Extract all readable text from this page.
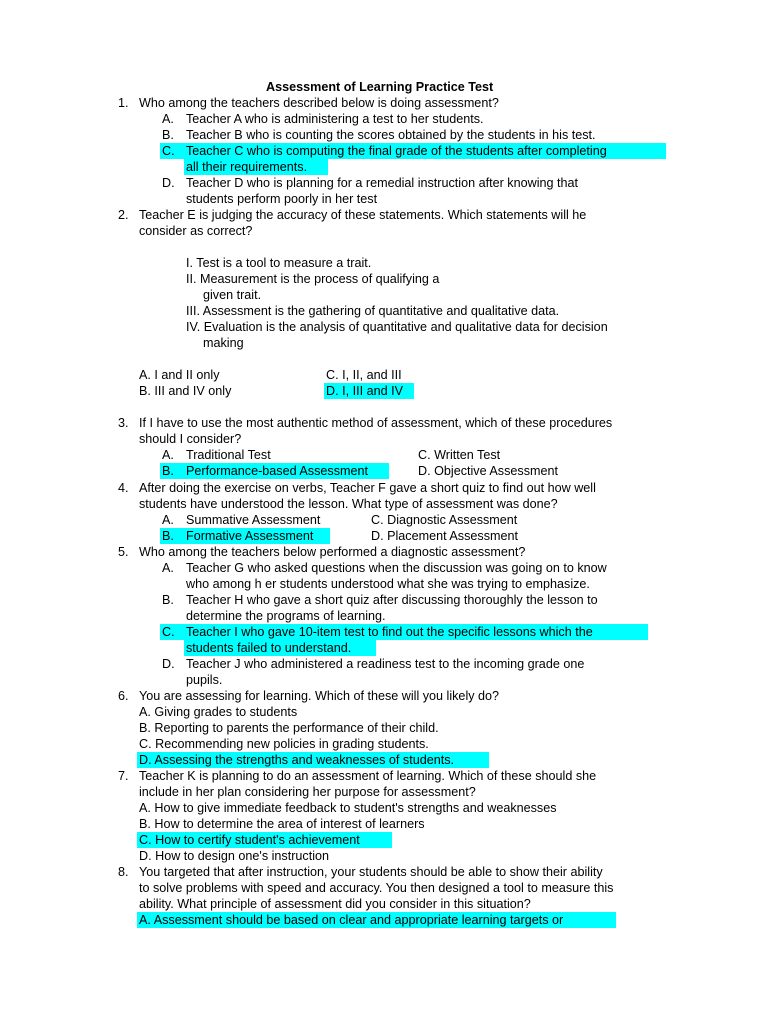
Assessment of Learning Practice Test
1. Who among the teachers described below is doing assessment?
A. Teacher A who is administering a test to her students.
B. Teacher B who is counting the scores obtained by the students in his test.
C. Teacher C who is computing the final grade of the students after completing
all their requirements.
D. Teacher D who is planning for a remedial instruction after knowing that
students perform poorly in her test
2. Teacher E is judging the accuracy of these statements. Which statements will he
consider as correct?
I. Test is a tool to measure a trait.
II. Measurement is the process of qualifying a
given trait.
III. Assessment is the gathering of quantitative and qualitative data.
IV. Evaluation is the analysis of quantitative and qualitative data for decision
making
A. I and II only
B. III and IV only
C. I, II, and III
D. I, III and IV
3. If I have to use the most authentic method of assessment, which of these procedures
should I consider?
A. Traditional Test
B. Performance-based Assessment
C. Written Test
D. Objective Assessment
4. After doing the exercise on verbs, Teacher F gave a short quiz to find out how well
students have understood the lesson. What type of assessment was done?
A. Summative Assessment
B. Formative Assessment
C. Diagnostic Assessment
D. Placement Assessment
5. Who among the teachers below performed a diagnostic assessment?
A. Teacher G who asked questions when the discussion was going on to know
who among h er students understood what she was trying to emphasize.
B. Teacher H who gave a short quiz after discussing thoroughly the lesson to
determine the programs of learning.
C. Teacher I who gave 10-item test to find out the specific lessons which the
students failed to understand.
D. Teacher J who administered a readiness test to the incoming grade one
pupils.
6. You are assessing for learning. Which of these will you likely do?
A. Giving grades to students
B. Reporting to parents the performance of their child.
C. Recommending new policies in grading students.
D. Assessing the strengths and weaknesses of students.
7. Teacher K is planning to do an assessment of learning. Which of these should she
include in her plan considering her purpose for assessment?
A. How to give immediate feedback to student's strengths and weaknesses
B. How to determine the area of interest of learners
C. How to certify student's achievement
D. How to design one's instruction
8. You targeted that after instruction, your students should be able to show their ability
to solve problems with speed and accuracy. You then designed a tool to measure this
ability. What principle of assessment did you consider in this situation?
A. Assessment should be based on clear and appropriate learning targets or
